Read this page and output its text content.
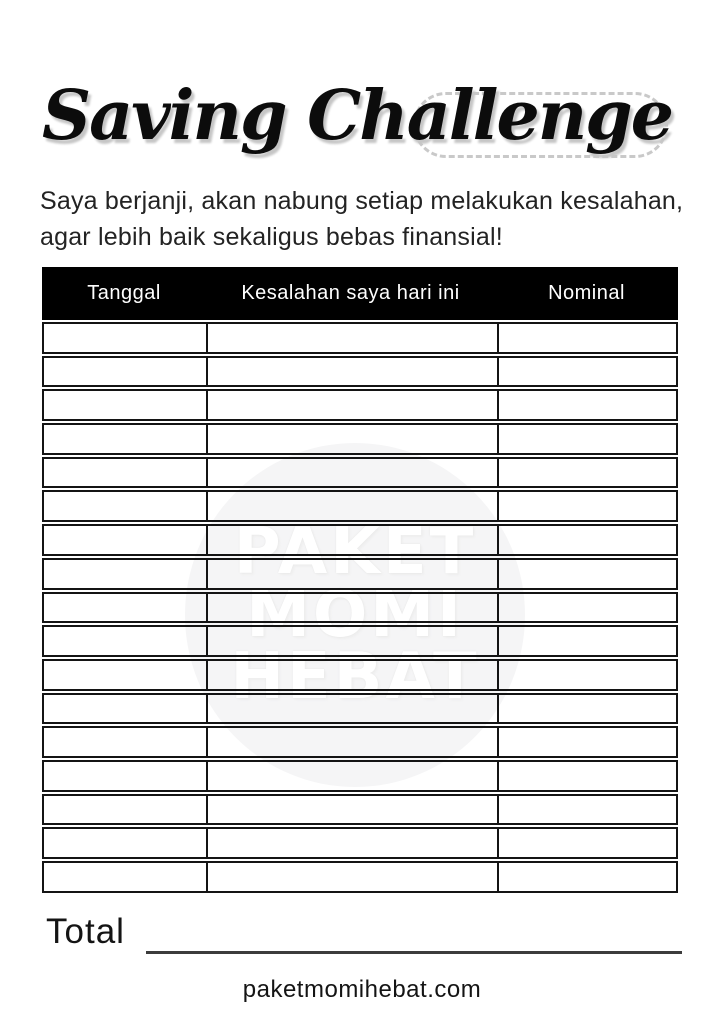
Saving Challenge
Saya berjanji, akan nabung setiap melakukan kesalahan,
agar lebih baik sekaligus bebas finansial!
PAKET
MOMI
HEBAT
Tanggal	Kesalahan saya hari ini	Nominal
Total
paketmomihebat.com
